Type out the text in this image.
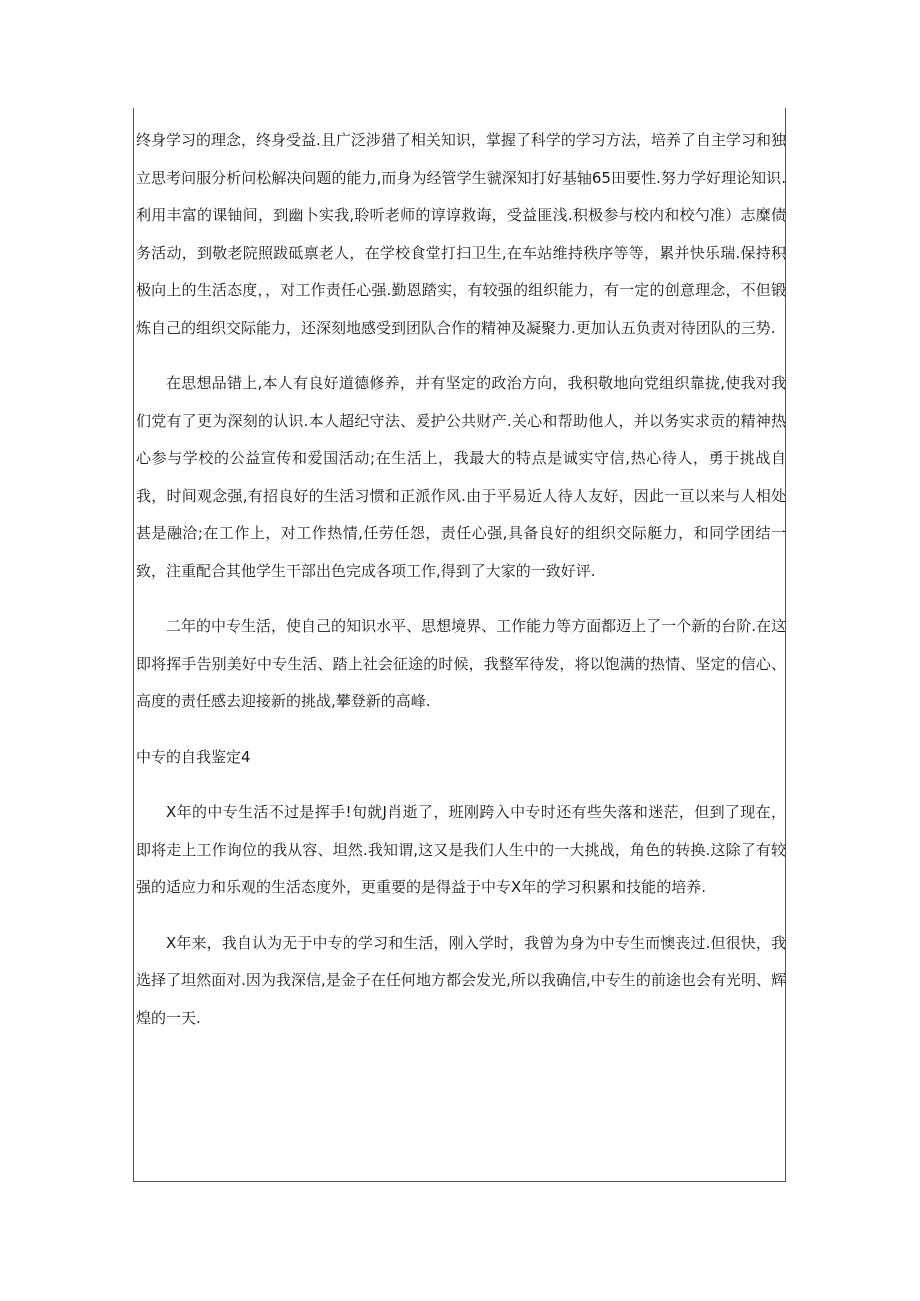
终身学习的理念，终身受益.且广泛涉猎了相关知识，掌握了科学的学习方法，培养了自主学习和独立思考问服分析问松解决问题的能力,而身为经管学生虢深知打好基轴65田要性.努力学好理论知识.利用丰富的课铀间，到幽卜实我,聆听老师的谆谆救诲，受益匪浅.积极参与校内和校勺准）志糜债务活动，到敬老院照跋砥禀老人，在学校食堂打扫卫生,在车站维持秩序等等，累并快乐瑞.保持积极向上的生活态度，，对工作责任心强.勤恩踏实，有较强的组织能力，有一定的创意理念，不但锻炼自己的组织交际能力，还深刻地感受到团队合作的精神及凝聚力.更加认五负责对待团队的三势.

在思想品错上,本人有良好道德修养，并有坚定的政治方向，我积敬地向党组织靠拢,使我对我们党有了更为深刻的认识.本人超纪守法、爰护公共财产.关心和帮助他人，并以务实求贡的精神热心参与学校的公益宣传和爱国活动;在生活上，我最大的特点是诚实守信,热心待人，勇于挑战自我，时间观念强,有招良好的生活习惯和正派作风.由于平易近人待人友好，因此一亘以来与人相处甚是融洽;在工作上，对工作热情,任劳任怨，责任心强,具备良好的组织交际艇力，和同学团结一致，注重配合其他学生干部出色完成各项工作,得到了大家的一致好评.

二年的中专生活，使自己的知识水平、思想境界、工作能力等方面都迈上了一个新的台阶.在这即将挥手告别美好中专生活、踏上社会征途的时候，我整军待发，将以饱满的热情、坚定的信心、高度的责任感去迎接新的挑战,攀登新的高峰.

中专的自我鉴定4

X年的中专生活不过是挥手!旬就J肖逝了，班刚跨入中专时还有些失落和迷茫，但到了现在，即将走上工作询位的我从容、坦然.我知谓,这又是我们人生中的一大挑战，角色的转换.这除了有较强的适应力和乐观的生活态度外，更重要的是得益于中专X年的学习积累和技能的培养.

X年来，我自认为无于中专的学习和生活，刚入学时，我曾为身为中专生而懊丧过.但很快，我选择了坦然面对.因为我深信,是金子在任何地方都会发光,所以我确信,中专生的前途也会有光明、辉煌的一天.
